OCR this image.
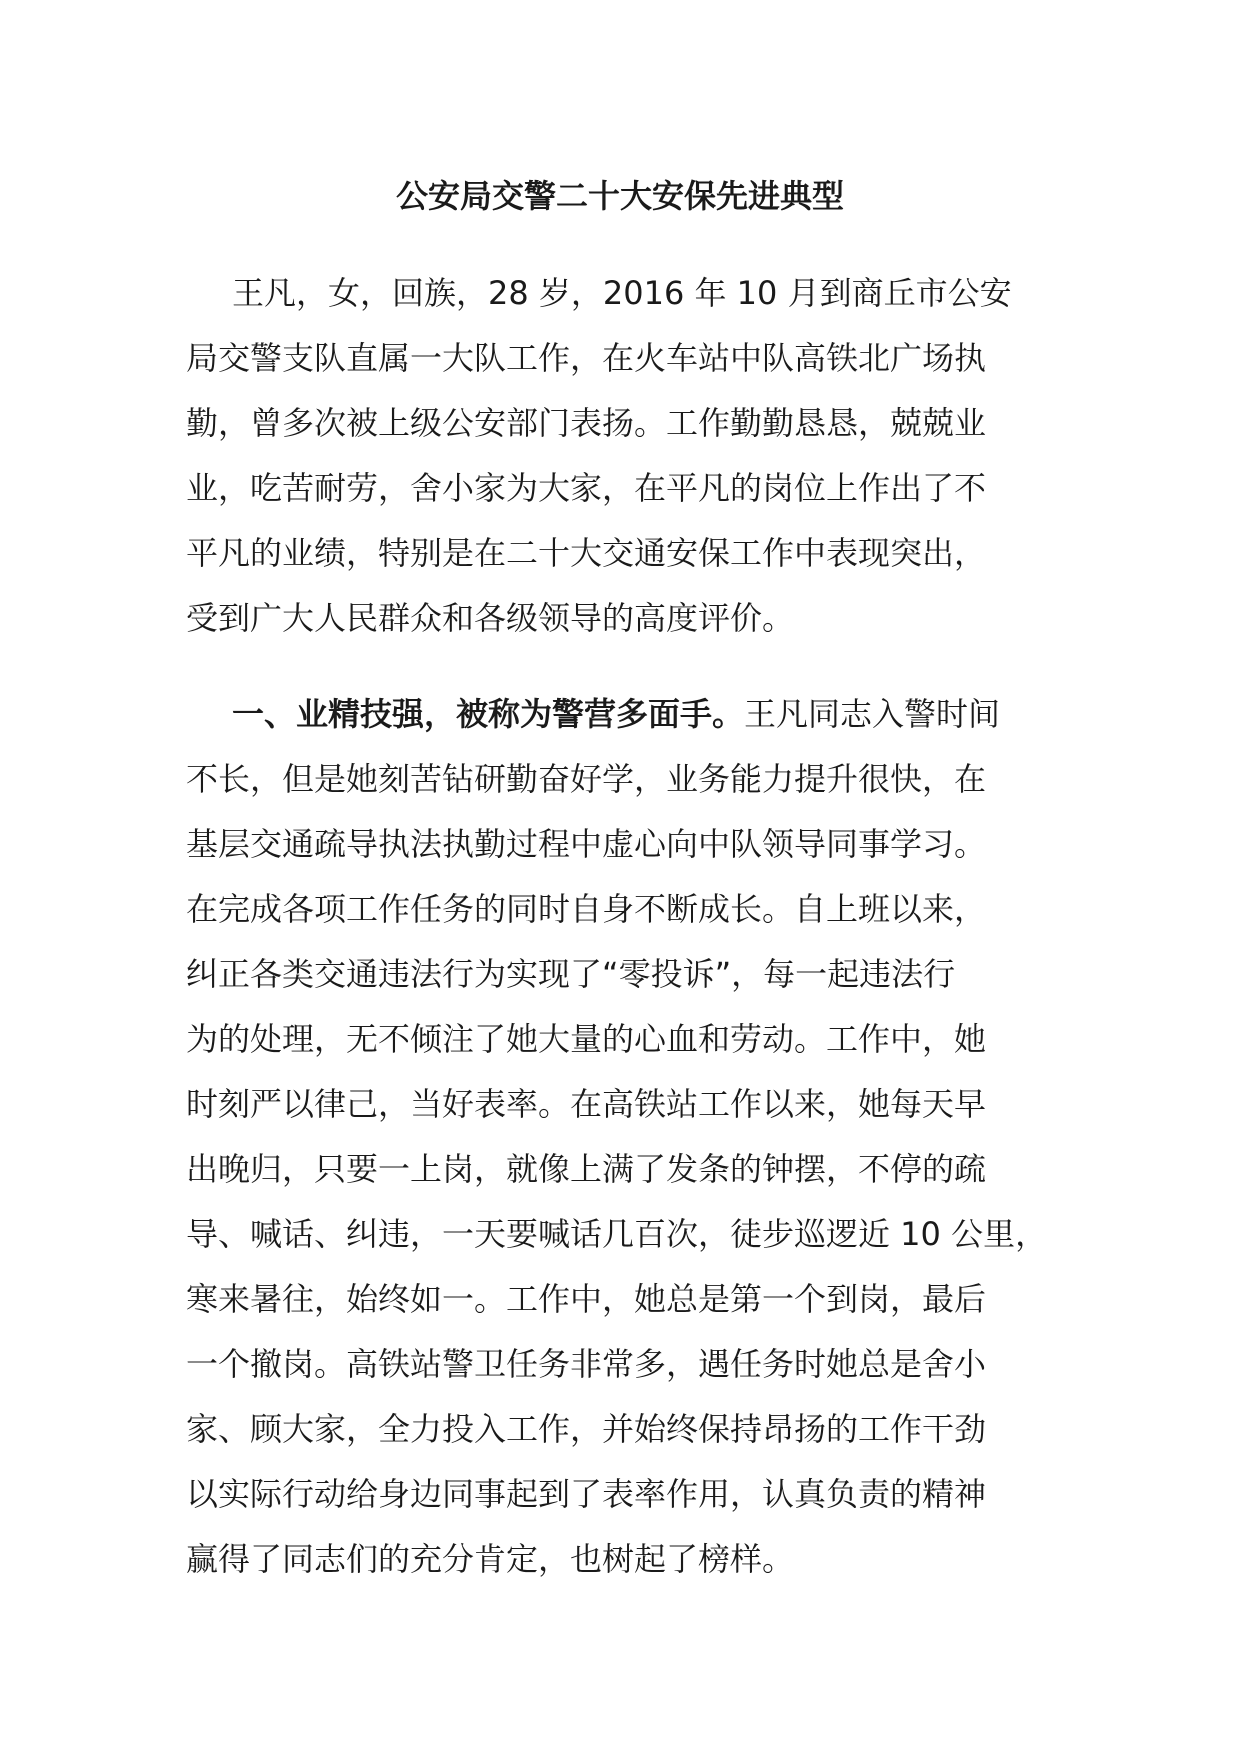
公安局交警二十大安保先进典型
王凡，女，回族，28 岁，2016 年 10 月到商丘市公安
局交警支队直属一大队工作，在火车站中队高铁北广场执
勤，曾多次被上级公安部门表扬。工作勤勤恳恳，兢兢业
业，吃苦耐劳，舍小家为大家，在平凡的岗位上作出了不
平凡的业绩，特别是在二十大交通安保工作中表现突出，
受到广大人民群众和各级领导的高度评价。
一、业精技强，被称为警营多面手。王凡同志入警时间
不长，但是她刻苦钻研勤奋好学，业务能力提升很快，在
基层交通疏导执法执勤过程中虚心向中队领导同事学习。
在完成各项工作任务的同时自身不断成长。自上班以来，
纠正各类交通违法行为实现了“零投诉”，每一起违法行
为的处理，无不倾注了她大量的心血和劳动。工作中，她
时刻严以律己，当好表率。在高铁站工作以来，她每天早
出晚归，只要一上岗，就像上满了发条的钟摆，不停的疏
导、喊话、纠违，一天要喊话几百次，徒步巡逻近 10 公里，
寒来暑往，始终如一。工作中，她总是第一个到岗，最后
一个撤岗。高铁站警卫任务非常多，遇任务时她总是舍小
家、顾大家，全力投入工作，并始终保持昂扬的工作干劲
以实际行动给身边同事起到了表率作用，认真负责的精神
赢得了同志们的充分肯定，也树起了榜样。
